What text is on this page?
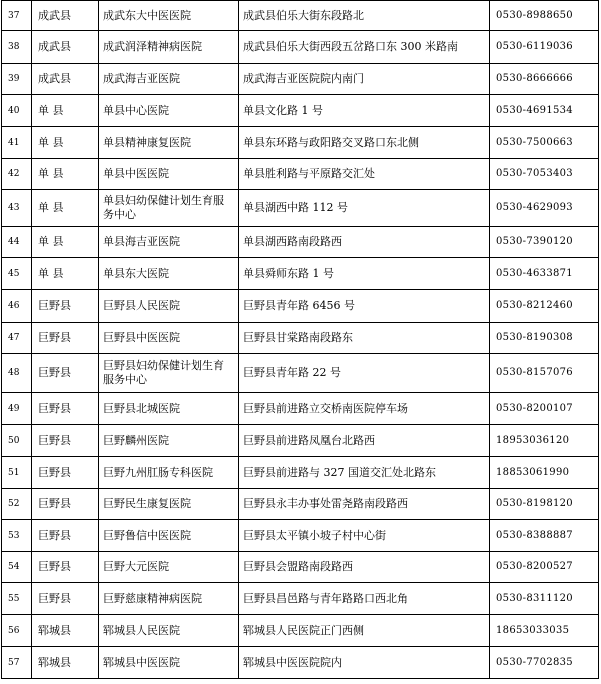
37	成武县	成武东大中医医院	成武县伯乐大街东段路北	0530-8988650
38	成武县	成武润泽精神病医院	成武县伯乐大街西段五岔路口东 300 米路南	0530-6119036
39	成武县	成武海吉亚医院	成武海吉亚医院院内南门	0530-8666666
40	单 县	单县中心医院	单县文化路 1 号	0530-4691534
41	单 县	单县精神康复医院	单县东环路与政阳路交叉路口东北侧	0530-7500663
42	单 县	单县中医医院	单县胜利路与平原路交汇处	0530-7053403
43	单 县	单县妇幼保健计划生育服务中心	单县湖西中路 112 号	0530-4629093
44	单 县	单县海吉亚医院	单县湖西路南段路西	0530-7390120
45	单 县	单县东大医院	单县舜师东路 1 号	0530-4633871
46	巨野县	巨野县人民医院	巨野县青年路 6456 号	0530-8212460
47	巨野县	巨野县中医医院	巨野县甘棠路南段路东	0530-8190308
48	巨野县	巨野县妇幼保健计划生育服务中心	巨野县青年路 22 号	0530-8157076
49	巨野县	巨野县北城医院	巨野县前进路立交桥南医院停车场	0530-8200107
50	巨野县	巨野麟州医院	巨野县前进路凤凰台北路西	18953036120
51	巨野县	巨野九州肛肠专科医院	巨野县前进路与 327 国道交汇处北路东	18853061990
52	巨野县	巨野民生康复医院	巨野县永丰办事处雷尧路南段路西	0530-8198120
53	巨野县	巨野鲁信中医医院	巨野县太平镇小坡子村中心街	0530-8388887
54	巨野县	巨野大元医院	巨野县会盟路南段路西	0530-8200527
55	巨野县	巨野慈康精神病医院	巨野县昌邑路与青年路路口西北角	0530-8311120
56	郓城县	郓城县人民医院	郓城县人民医院正门西侧	18653033035
57	郓城县	郓城县中医医院	郓城县中医医院院内	0530-7702835
